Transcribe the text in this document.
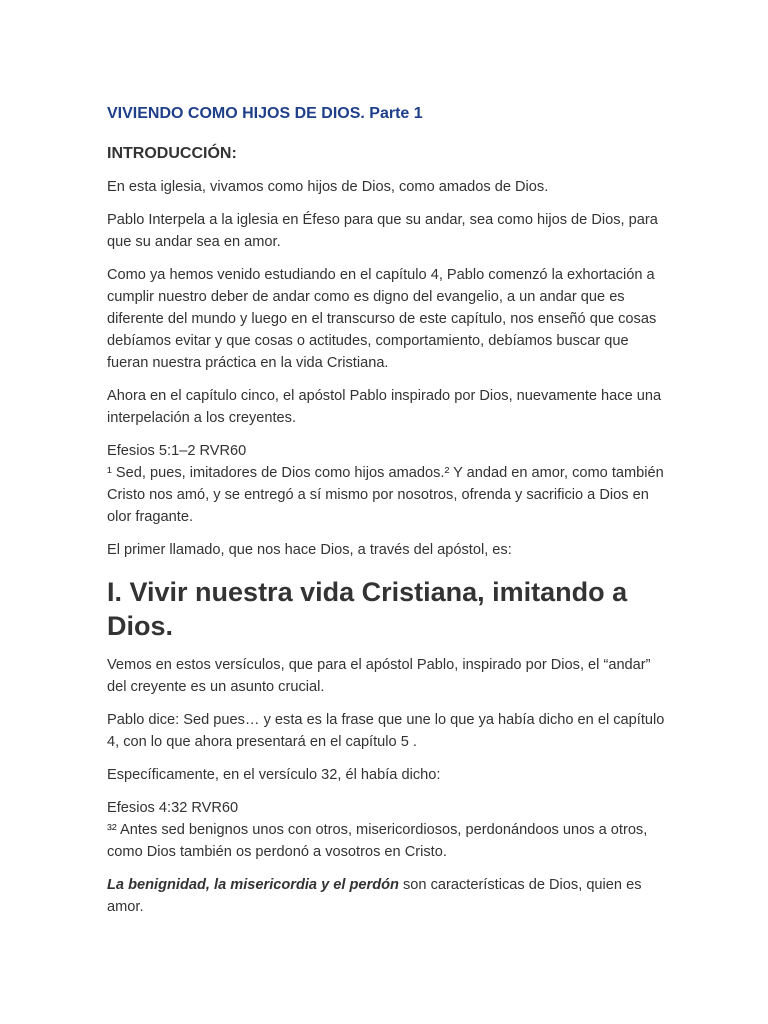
VIVIENDO COMO HIJOS DE DIOS. Parte 1
INTRODUCCIÓN:

En esta iglesia, vivamos como hijos de Dios, como amados de Dios.

Pablo Interpela a la iglesia en Éfeso para que su andar, sea como hijos de Dios, para que su andar sea en amor.

Como ya hemos venido estudiando en el capítulo 4, Pablo comenzó la exhortación a cumplir nuestro deber de andar como es digno del evangelio, a un andar que es diferente del mundo y luego en el transcurso de este capítulo, nos enseñó que cosas debíamos evitar y que cosas o actitudes, comportamiento, debíamos buscar que fueran nuestra práctica en la vida Cristiana.

Ahora en el capítulo cinco, el apóstol Pablo inspirado por Dios, nuevamente hace una interpelación a los creyentes.

Efesios 5:1–2 RVR60
¹ Sed, pues, imitadores de Dios como hijos amados.² Y andad en amor, como también Cristo nos amó, y se entregó a sí mismo por nosotros, ofrenda y sacrificio a Dios en olor fragante.

El primer llamado, que nos hace Dios, a través del apóstol, es:

I. Vivir nuestra vida Cristiana, imitando a Dios.

Vemos en estos versículos, que para el apóstol Pablo, inspirado por Dios, el “andar” del creyente es un asunto crucial.

Pablo dice: Sed pues… y esta es la frase que une lo que ya había dicho en el capítulo 4, con lo que ahora presentará en el capítulo 5 .

Específicamente, en el versículo 32, él había dicho:

Efesios 4:32 RVR60
³² Antes sed benignos unos con otros, misericordiosos, perdonándoos unos a otros, como Dios también os perdonó a vosotros en Cristo.

La benignidad, la misericordia y el perdón son características de Dios, quien es amor.
